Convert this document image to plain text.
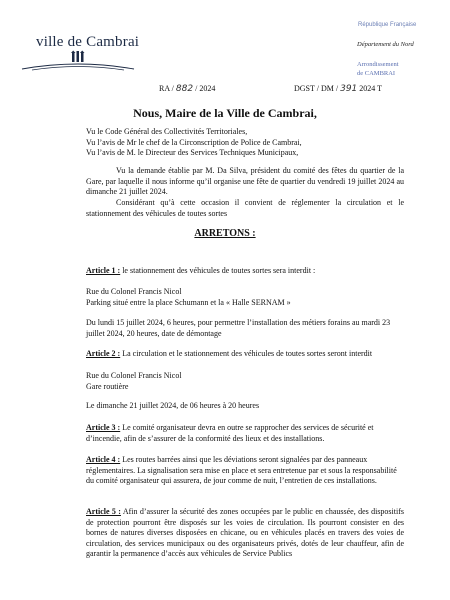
ville de Cambrai
République Française
Département du Nord
Arrondissement
de CAMBRAI
RA / 882 / 2024	DGST / DM / 391 2024 T
Nous, Maire de la Ville de Cambrai,
Vu le Code Général des Collectivités Territoriales,
Vu l’avis de Mr le chef de la Circonscription de Police de Cambrai,
Vu l’avis de M. le Directeur des Services Techniques Municipaux,
Vu la demande établie par M. Da Silva, président du comité des fêtes du quartier de la Gare, par laquelle il nous informe qu’il organise une fête de quartier du vendredi 19 juillet 2024 au dimanche 21 juillet 2024.
Considérant qu’à cette occasion il convient de réglementer la circulation et le stationnement des véhicules de toutes sortes
ARRETONS :
Article 1 : le stationnement des véhicules de toutes sortes sera interdit :
Rue du Colonel Francis Nicol
Parking situé entre la place Schumann et la « Halle SERNAM »
Du lundi 15 juillet 2024, 6 heures, pour permettre l’installation des métiers forains au mardi 23 juillet 2024, 20 heures, date de démontage
Article 2 : La circulation et le stationnement des véhicules de toutes sortes seront interdit
Rue du Colonel Francis Nicol
Gare routière
Le dimanche 21 juillet 2024, de 06 heures à 20 heures
Article 3 : Le comité organisateur devra en outre se rapprocher des services de sécurité et d’incendie, afin de s’assurer de la conformité des lieux et des installations.
Article 4 : Les routes barrées ainsi que les déviations seront signalées par des panneaux réglementaires. La signalisation sera mise en place et sera entretenue par et sous la responsabilité du comité organisateur qui assurera, de jour comme de nuit, l’entretien de ces installations.
Article 5 : Afin d’assurer la sécurité des zones occupées par le public en chaussée, des dispositifs de protection pourront être disposés sur les voies de circulation. Ils pourront consister en des bornes de natures diverses disposées en chicane, ou en véhicules placés en travers des voies de circulation, des services municipaux ou des organisateurs privés, dotés de leur chauffeur, afin de garantir la permanence d’accès aux véhicules de Service Publics
